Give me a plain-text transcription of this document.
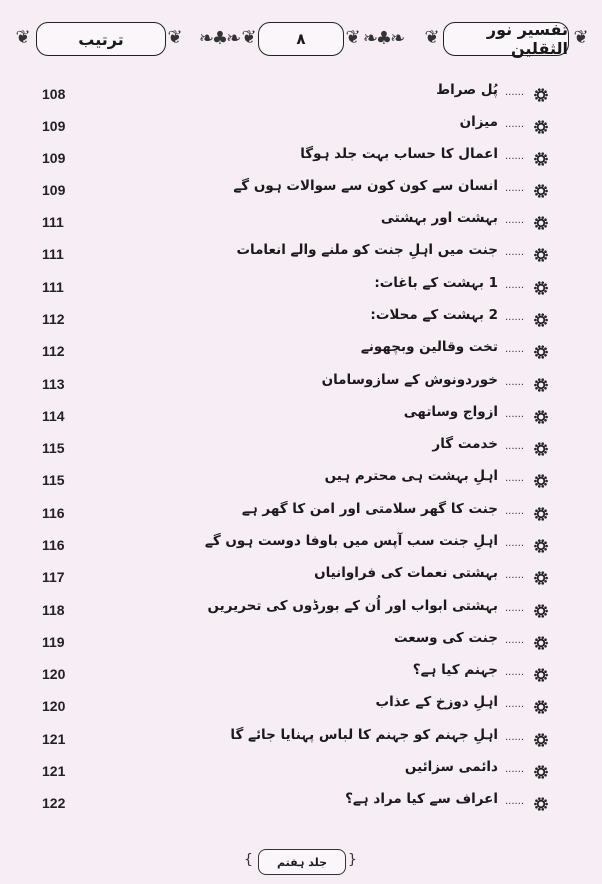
❦	ترتیب ❦ ❧♣❧ ❦	٨ ❦ ❧♣❧ ❦	تفسیر نور الثقلین
❦
108	پُل صراط ......
109	میزان ......
109	اعمال کا حساب بہت جلد ہوگا ......
109	انسان سے کون کون سے سوالات ہوں گے ......
111	بہشت اور بہشتی ......
111	جنت میں اہلِ جنت کو ملنے والے انعامات ......
111	1 بہشت کے باغات: ......
112	2 بہشت کے محلات: ......
112	تخت وقالین وبچھونے ......
113	خوردونوش کے سازوسامان ......
114	ازواج وساتھی ......
115	خدمت گار ......
115	اہلِ بہشت ہی محترم ہیں ......
116	جنت کا گھر سلامتی اور امن کا گھر ہے ......
116	اہلِ جنت سب آپس میں باوفا دوست ہوں گے ......
117	بہشتی نعمات کی فراوانیاں ......
118	بہشتی ابواب اور اُن کے بورڈوں کی تحریریں ......
119	جنت کی وسعت ......
120	جہنم کیا ہے؟ ......
120	اہلِ دوزخ کے عذاب ......
121	اہلِ جہنم کو جہنم کا لباس پہنایا جائے گا ......
121	دائمی سزائیں ......
122	اعراف سے کیا مراد ہے؟ ......
{ جلد ہفتم }
